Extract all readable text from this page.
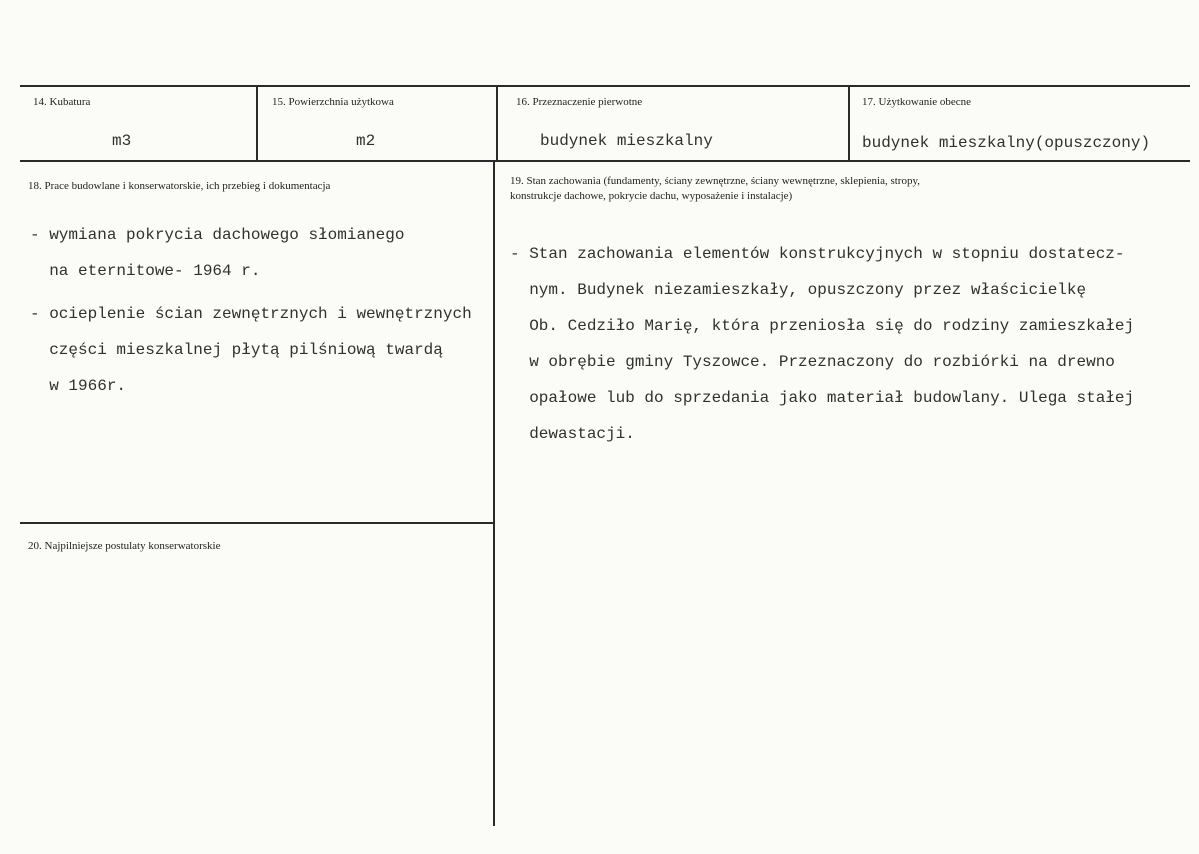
14. Kubatura
m3
15. Powierzchnia użytkowa
m2
16. Przeznaczenie pierwotne
budynek mieszkalny
17. Użytkowanie obecne
budynek mieszkalny(opuszczony)
18. Prace budowlane i konserwatorskie, ich przebieg i dokumentacja

- wymiana pokrycia dachowego słomianego

na eternitowe- 1964 r.

- ocieplenie ścian zewnętrznych i wewnętrznych

części mieszkalnej płytą pilśniową twardą

w 1966r.

19. Stan zachowania (fundamenty, ściany zewnętrzne, ściany wewnętrzne, sklepienia, stropy,
konstrukcje dachowe, pokrycie dachu, wyposażenie i instalacje)

- Stan zachowania elementów konstrukcyjnych w stopniu dostatecz-

nym. Budynek niezamieszkały, opuszczony przez właścicielkę

Ob. Cedziło Marię, która przeniosła się do rodziny zamieszkałej

w obrębie gminy Tyszowce. Przeznaczony do rozbiórki na drewno

opałowe lub do sprzedania jako materiał budowlany. Ulega stałej

dewastacji.

20. Najpilniejsze postulaty konserwatorskie
